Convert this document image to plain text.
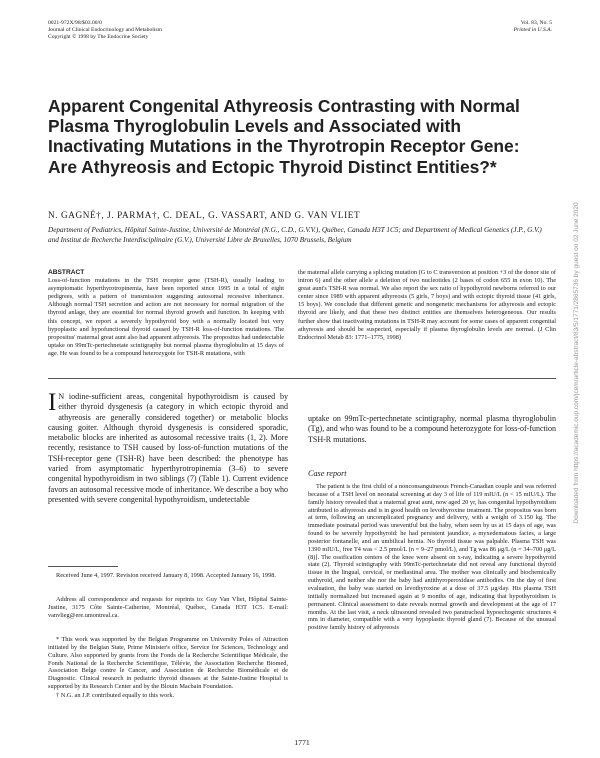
0021-972X/98/$03.00/0
Journal of Clinical Endocrinology and Metabolism
Copyright © 1998 by The Endocrine Society
Vol. 83, No. 5
Printed in U.S.A.
Apparent Congenital Athyreosis Contrasting with Normal Plasma Thyroglobulin Levels and Associated with Inactivating Mutations in the Thyrotropin Receptor Gene: Are Athyreosis and Ectopic Thyroid Distinct Entities?*
N. GAGNÉ†, J. PARMA†, C. DEAL, G. VASSART, AND G. VAN VLIET
Department of Pediatrics, Hôpital Sainte-Justine, Université de Montréal (N.G., C.D., G.V.V.), Québec, Canada H3T 1C5; and Department of Medical Genetics (J.P., G.V.) and Institut de Recherche Interdisciplinaire (G.V.), Université Libre de Bruxelles, 1070 Brussels, Belgium
ABSTRACT
Loss-of-function mutations in the TSH receptor gene (TSH-R), usually leading to asymptomatic hyperthyrotropinemia, have been reported since 1995 in a total of eight pedigrees, with a pattern of transmission suggesting autosomal recessive inheritance. Although normal TSH secretion and action are not necessary for normal migration of the thyroid anlage, they are essential for normal thyroid growth and function. In keeping with this concept, we report a severely hypothyroid boy with a normally located but very hypoplastic and hypofunctional thyroid caused by TSH-R loss-of-function mutations. The propositus' maternal great aunt also had apparent athyreosis. The propositus had undetectable uptake on 99mTc-pertechnetate scintigraphy but normal plasma thyroglobulin at 15 days of age. He was found to be a compound heterozygote for TSH-R mutations, with
the maternal allele carrying a splicing mutation (G to C transversion at position +3 of the donor site of intron 6) and the other allele a deletion of two nucleotides (2 bases of codon 655 in exon 10). The great aunt's TSH-R was normal. We also report the sex ratio of hypothyroid newborns referred to our center since 1989 with apparent athyreosis (5 girls, 7 boys) and with ectopic thyroid tissue (41 girls, 15 boys). We conclude that different genetic and nongenetic mechanisms for athyreosis and ectopic thyroid are likely, and that these two distinct entities are themselves heterogeneous. Our results further show that inactivating mutations in TSH-R may account for some cases of apparent congenital athyreosis and should be suspected, especially if plasma thyroglobulin levels are normal. (J Clin Endocrinol Metab 83: 1771–1775, 1998)

I N iodine-sufficient areas, congenital hypothyroidism is caused by either thyroid dysgenesis (a category in which ectopic thyroid and athyreosis are generally considered together) or metabolic blocks causing goiter. Although thyroid dysgenesis is considered sporadic, metabolic blocks are inherited as autosomal recessive traits (1, 2). More recently, resistance to TSH caused by loss-of-function mutations of the TSH-receptor gene (TSH-R) have been described: the phenotype has varied from asymptomatic hyperthyrotropinemia (3–6) to severe congenital hypothyroidism in two siblings (7) (Table 1). Current evidence favors an autosomal recessive mode of inheritance. We describe a boy who presented with severe congenital hypothyroidism, undetectable

uptake on 99mTc-pertechnetate scintigraphy, normal plasma thyroglobulin (Tg), and who was found to be a compound heterozygote for loss-of-function TSH-R mutations.

Case report

The patient is the first child of a nonconsanguineous French-Canadian couple and was referred because of a TSH level on neonatal screening at day 3 of life of 119 mIU/L (n < 15 mIU/L). The family history revealed that a maternal great aunt, now aged 20 yr, has congenital hypothyroidism attributed to athyreosis and is in good health on levothyroxine treatment. The propositus was born at term, following an uncomplicated pregnancy and delivery, with a weight of 3.150 kg. The immediate postnatal period was uneventful but the baby, when seen by us at 15 days of age, was found to be severely hypothyroid: he had persistent jaundice, a myxedematous facies, a large posterior fontanelle, and an umbilical hernia. No thyroid tissue was palpable. Plasma TSH was 1390 mIU/L, free T4 was < 2.5 pmol/L (n = 9–27 pmol/L), and Tg was 86 μg/L (n = 34–700 μg/L (8)]. The ossification centers of the knee were absent on x-ray, indicating a severe hypothyroid state (2). Thyroid scintigraphy with 99mTc-pertechnetate did not reveal any functional thyroid tissue in the lingual, cervical, or mediastinal area. The mother was clinically and biochemically euthyroid, and neither she nor the baby had antithyroperoxidase antibodies. On the day of first evaluation, the baby was started on levothyroxine at a dose of 37.5 μg/day. His plasma TSH initially normalized but increased again at 9 months of age, indicating that hypothyroidism is permanent. Clinical assessment to date reveals normal growth and development at the age of 17 months. At the last visit, a neck ultrasound revealed two paratracheal hypoechogenic structures 4 mm in diameter, compatible with a very hypoplastic thyroid gland (7). Because of the unusual positive family history of athyreosis

Received June 4, 1997. Revision received January 8, 1998. Accepted January 16, 1998.

Address all correspondence and requests for reprints to: Guy Van Vliet, Hôpital Sainte-Justine, 3175 Côte Sainte-Catherine, Montréal, Québec, Canada H3T 1C5. E-mail: vanvlieg@ere.umontreal.ca.

* This work was supported by the Belgian Programme on University Poles of Attraction initiated by the Belgian State, Prime Minister's office, Service for Sciences, Technology and Culture. Also supported by grants from the Fonds de la Recherche Scientifique Médicale, the Fonds National de la Recherche Scientifique, Télévie, the Association Recherche Biomed, Association Belge contre le Cancer, and Association de Recherche Biomédicale et de Diagnostic. Clinical research in pediatric thyroid diseases at the Sainte-Justine Hospital is supported by its Research Center and by the Blouin Macbain Foundation.

† N.G. an J.P. contributed equally to this work.

1771
Downloaded from https://academic.oup.com/jcem/article-abstract/83/5/1771/2865736 by guest on 02 June 2020
